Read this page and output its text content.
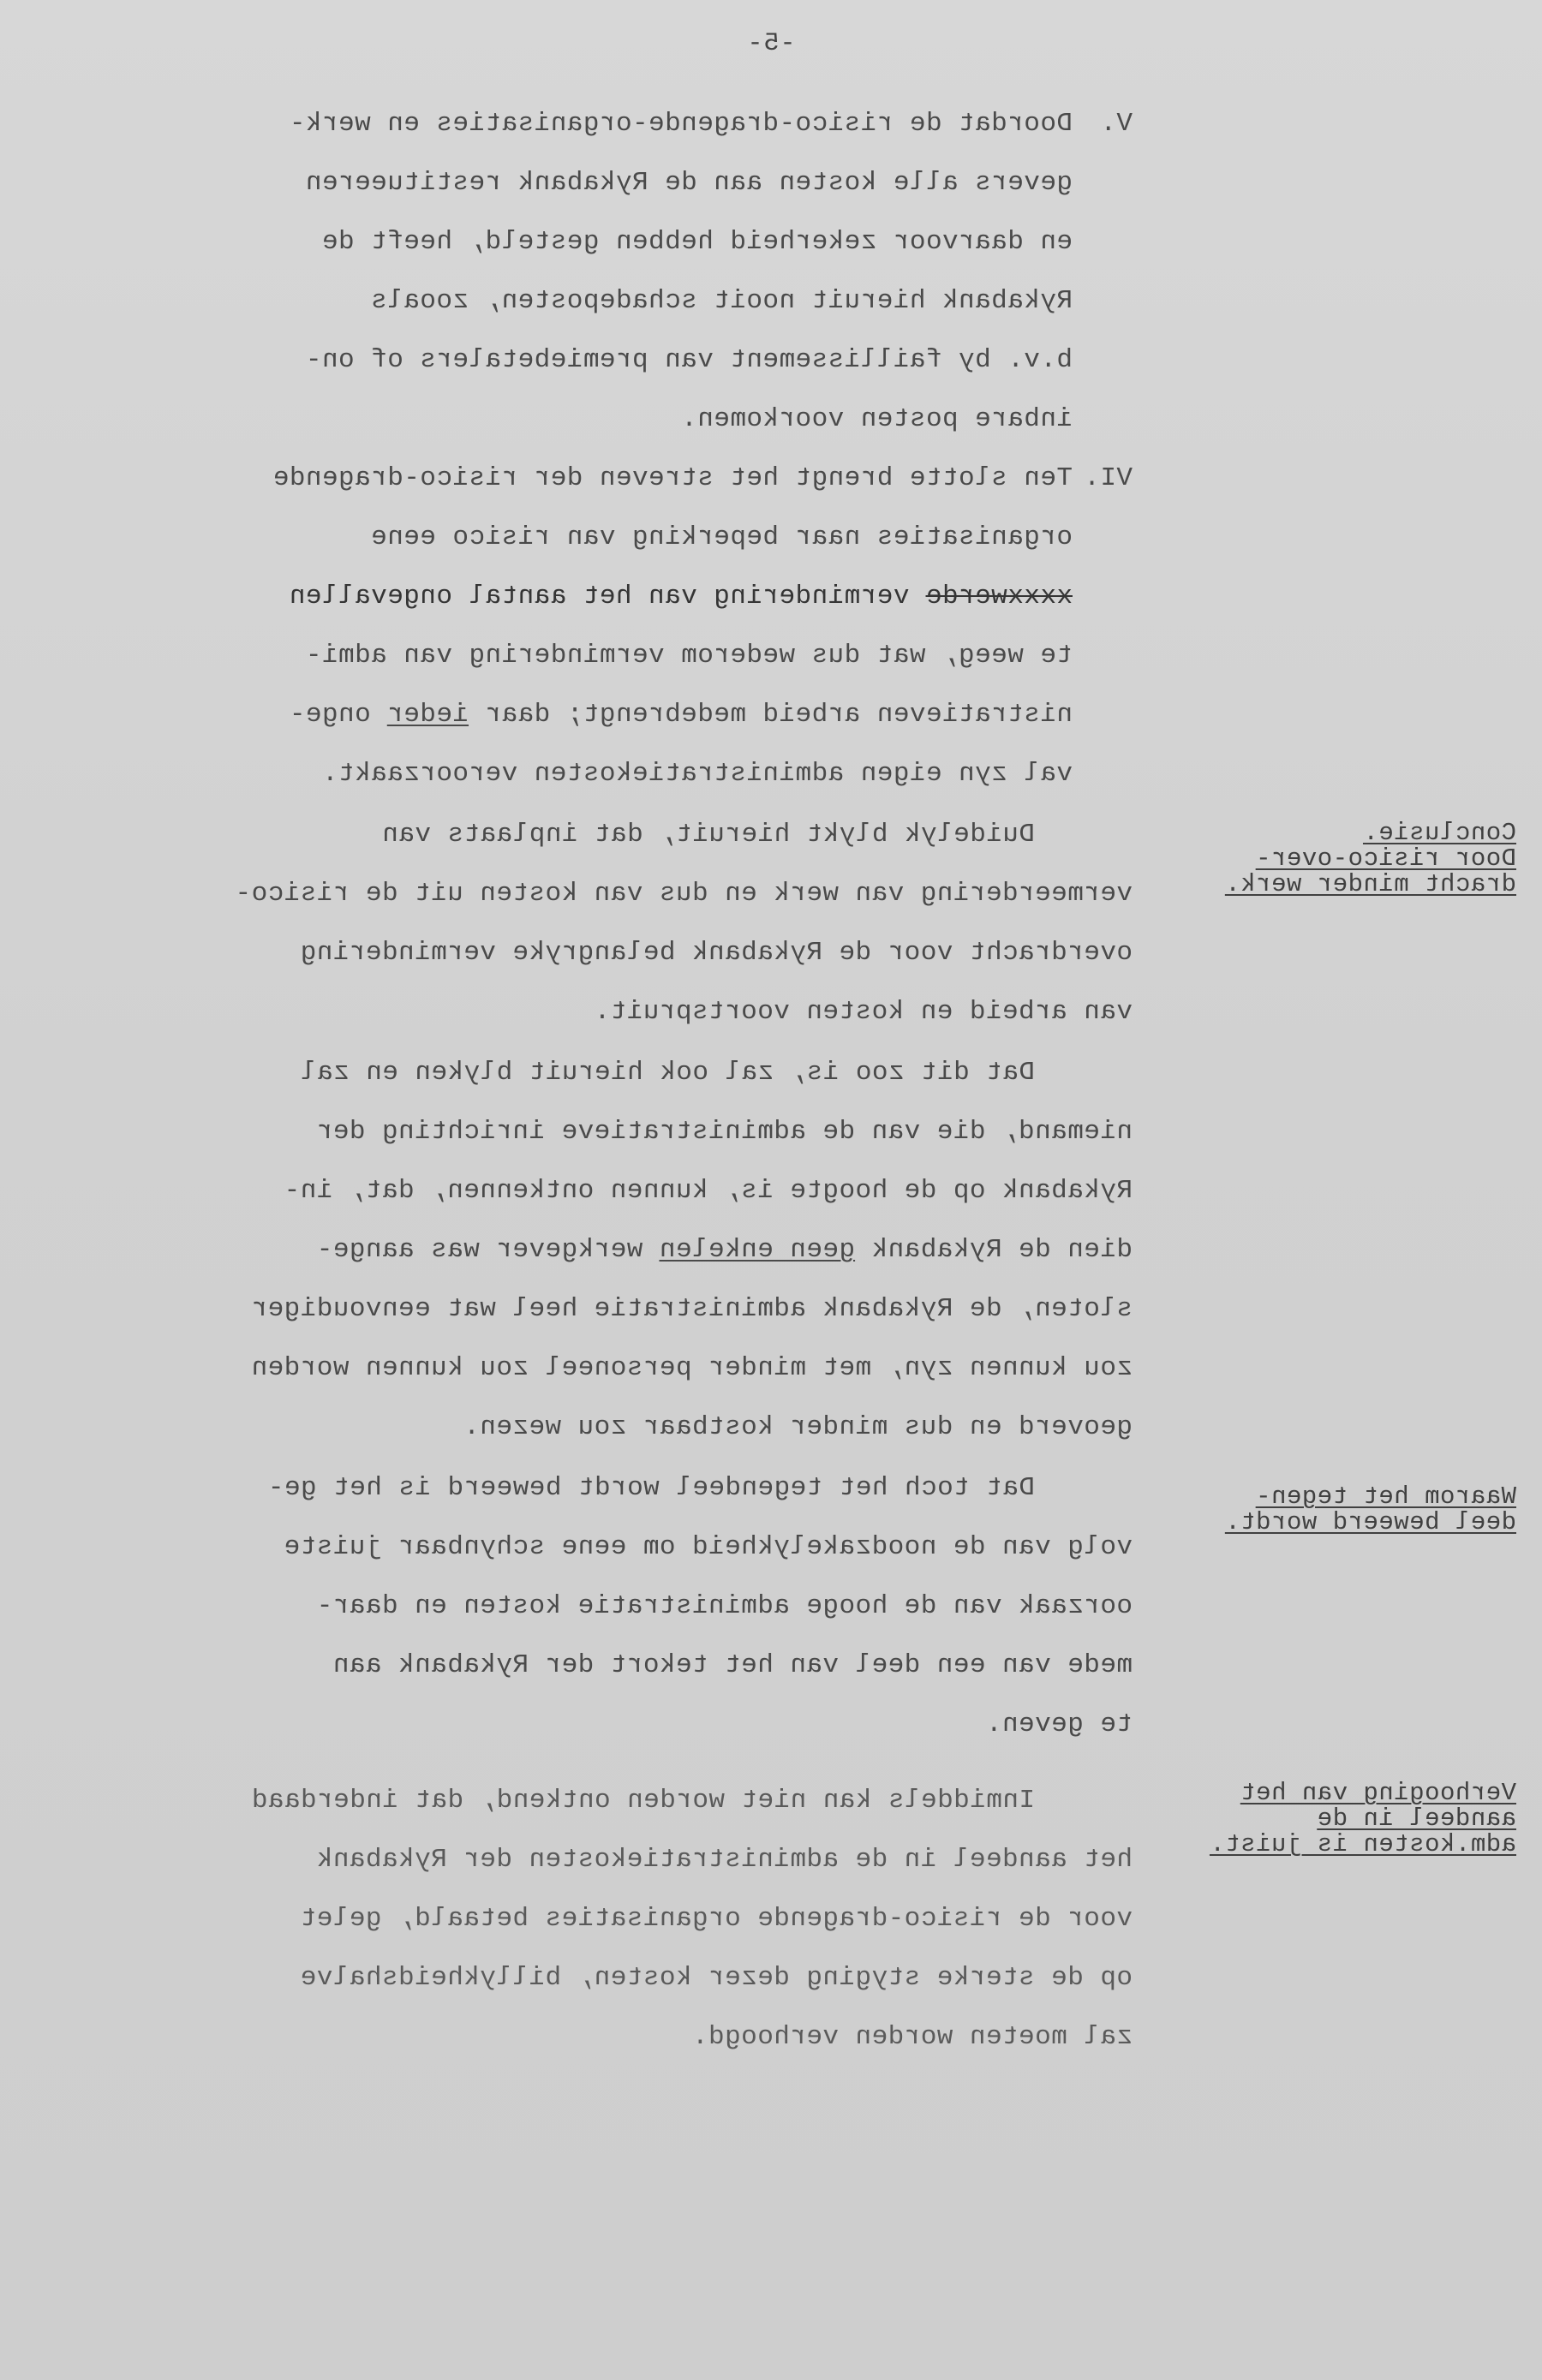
-5-
V.Doordat de risico-dragende-organisaties en werk-
gevers alle kosten aan de Rykabank restitueeren
en daarvoor zekerheid hebben gesteld, heeft de
Rykabank hieruit nooit schadeposten, zooals
b.v. by faillissement van premiebetalers of on-
inbare posten voorkomen.
VI.Ten slotte brengt het streven der risico-dragende
organisaties naar beperking van risico eene
xxxxwerde vermindering van het aantal ongevallen
te weeg, wat dus wederom vermindering van admi-
nistratieven arbeid medebrengt; daar ieder onge-
val zyn eigen administratiekosten veroorzaakt.
Duidelyk blykt hieruit, dat inplaats van
vermeerdering van werk en dus van kosten uit de risico-
overdracht voor de Rykabank belangryke vermindering
van arbeid en kosten voortspruit.
Dat dit zoo is, zal ook hieruit blyken en zal
niemand, die van de administratieve inrichting der
Rykabank op de hoogte is, kunnen ontkennen, dat, in-
dien de Rykabank geen enkelen werkgever was aange-
sloten, de Rykabank administratie heel wat eenvoudiger
zou kunnen zyn, met minder personeel zou kunnen worden
geoverd en dus minder kostbaar zou wezen.
Dat toch het tegendeel wordt beweerd is het ge-
volg van de noodzakelykheid om eene schynbaar juiste
oorzaak van de hooge administratie kosten en daar-
mede van een deel van het tekort der Rykabank aan
te geven.
Inmiddels kan niet worden ontkend, dat inderdaad
het aandeel in de administratiekosten der Rykabank
voor de risico-dragende organisaties betaald, gelet
op de sterke styging dezer kosten, billykheidshalve
zal moeten worden verhoogd.
Conclusie.
Door risico-over-
dracht minder werk.
Waarom het tegen-
deel beweerd wordt.
Verhooging van het
aandeel in de
adm.kosten is juist.
